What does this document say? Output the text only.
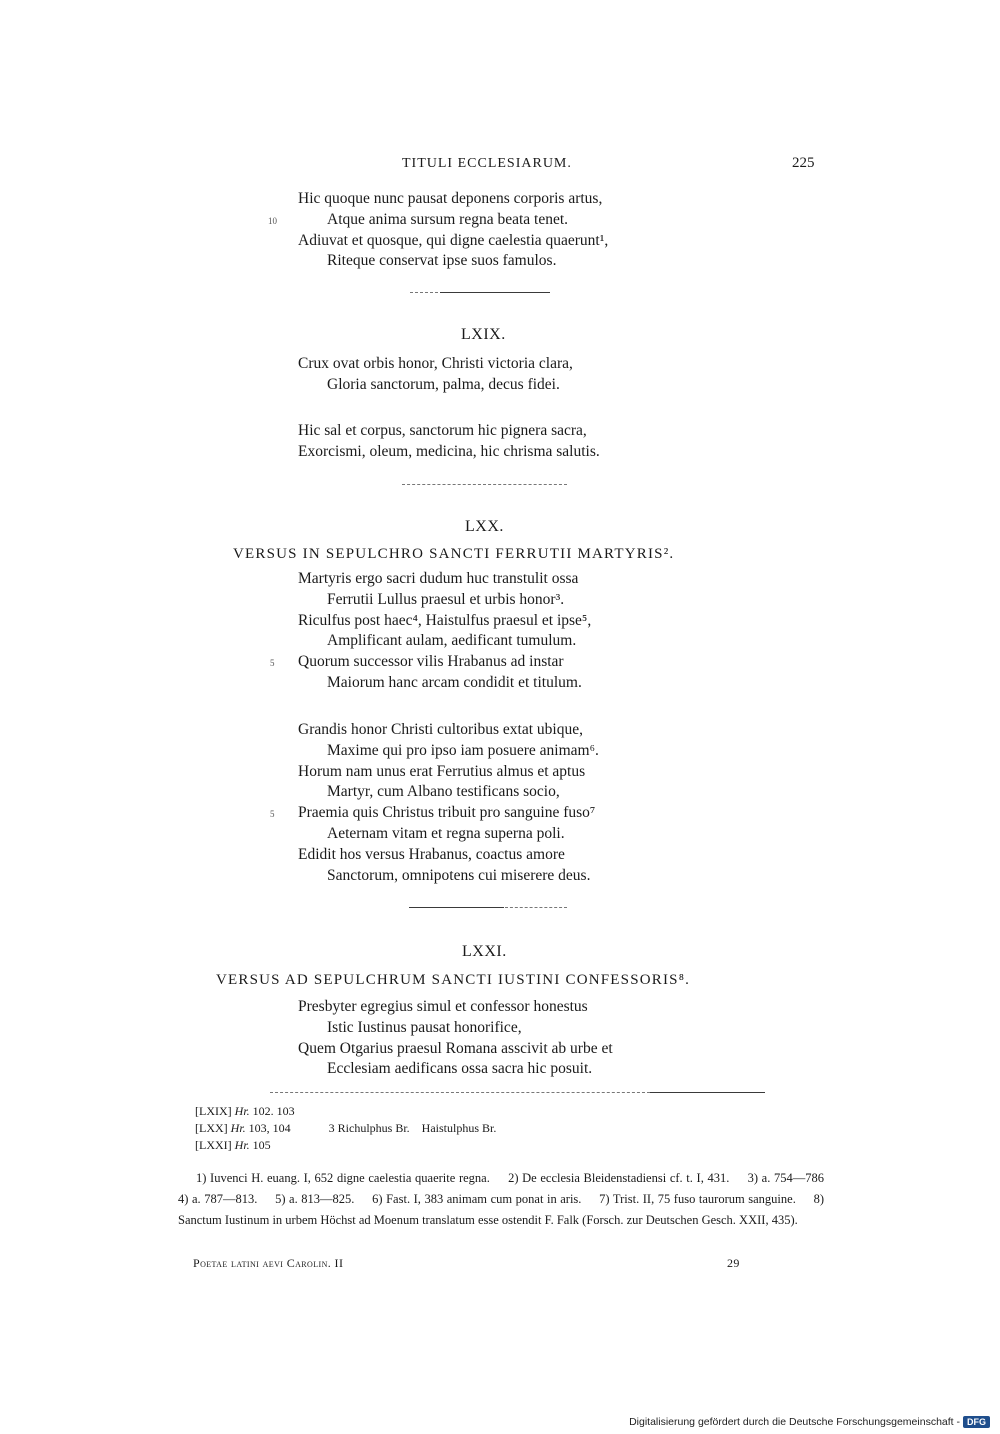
TITULI ECCLESIARUM.	225
Hic quoque nunc pausat deponens corporis artus,
10	Atque anima sursum regna beata tenet.
Adiuvat et quosque, qui digne caelestia quaerunt¹,
Riteque conservat ipse suos famulos.
LXIX.
Crux ovat orbis honor, Christi victoria clara,
Gloria sanctorum, palma, decus fidei.
Hic sal et corpus, sanctorum hic pignera sacra,
Exorcismi, oleum, medicina, hic chrisma salutis.
LXX.
VERSUS IN SEPULCHRO SANCTI FERRUTII MARTYRIS².
Martyris ergo sacri dudum huc transtulit ossa
Ferrutii Lullus praesul et urbis honor³.
Riculfus post haec⁴, Haistulfus praesul et ipse⁵,
Amplificant aulam, aedificant tumulum.
5 Quorum successor vilis Hrabanus ad instar
Maiorum hanc arcam condidit et titulum.
Grandis honor Christi cultoribus extat ubique,
Maxime qui pro ipso iam posuere animam⁶.
Horum nam unus erat Ferrutius almus et aptus
Martyr, cum Albano testificans socio,
5 Praemia quis Christus tribuit pro sanguine fuso⁷
Aeternam vitam et regna superna poli.
Edidit hos versus Hrabanus, coactus amore
Sanctorum, omnipotens cui miserere deus.
LXXI.
VERSUS AD SEPULCHRUM SANCTI IUSTINI CONFESSORIS⁸.
Presbyter egregius simul et confessor honestus
Istic Iustinus pausat honorifice,
Quem Otgarius praesul Romana asscivit ab urbe et
Ecclesiam aedificans ossa sacra hic posuit.
[LXIX] Hr. 102. 103
[LXX] Hr. 103, 104	3 Richulphus Br.    Haistulphus Br.
[LXXI] Hr. 105
1) Iuvenci H. euang. I, 652 digne caelestia quaerite regna.     2) De ecclesia Bleidenstadiensi cf. t. I, 431.     3) a. 754—786     4) a. 787—813.     5) a. 813—825.     6) Fast. I, 383 animam cum ponat in aris.     7) Trist. II, 75 fuso taurorum sanguine.     8) Sanctum Iustinum in urbem Höchst ad Moenum translatum esse ostendit F. Falk (Forsch. zur Deutschen Gesch. XXII, 435).
Poetae latini aevi Carolin. II	29
Digitalisierung gefördert durch die Deutsche Forschungsgemeinschaft - DFG
